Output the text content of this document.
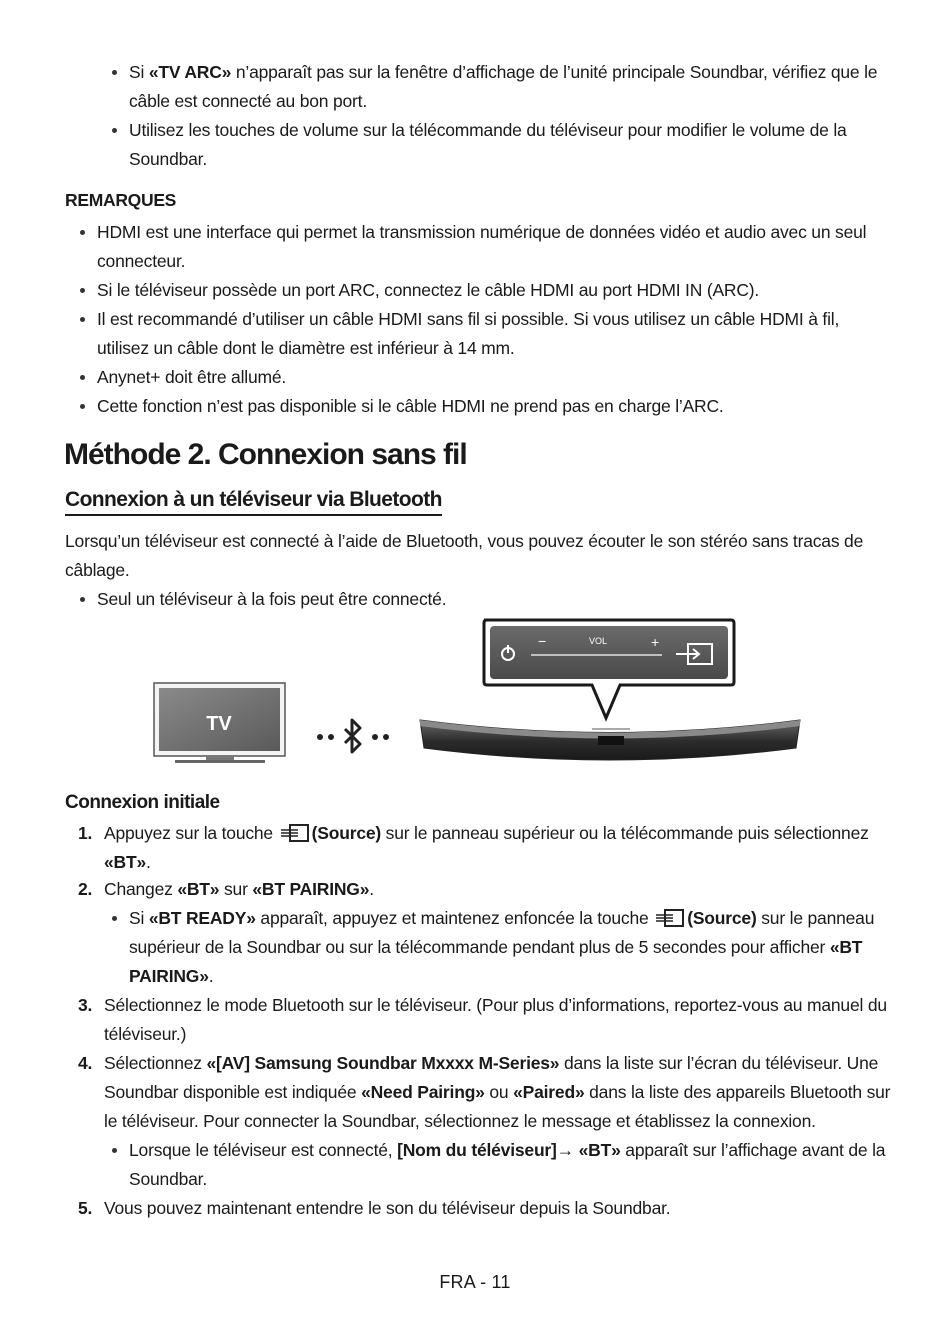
Si «TV ARC» n’apparaît pas sur la fenêtre d’affichage de l’unité principale Soundbar, vérifiez que le câble est connecté au bon port.
Utilisez les touches de volume sur la télécommande du téléviseur pour modifier le volume de la Soundbar.
REMARQUES
HDMI est une interface qui permet la transmission numérique de données vidéo et audio avec un seul connecteur.
Si le téléviseur possède un port ARC, connectez le câble HDMI au port HDMI IN (ARC).
Il est recommandé d’utiliser un câble HDMI sans fil si possible. Si vous utilisez un câble HDMI à fil, utilisez un câble dont le diamètre est inférieur à 14 mm.
Anynet+ doit être allumé.
Cette fonction n’est pas disponible si le câble HDMI ne prend pas en charge l’ARC.
Méthode 2. Connexion sans fil
Connexion à un téléviseur via Bluetooth
Lorsqu’un téléviseur est connecté à l’aide de Bluetooth, vous pouvez écouter le son stéréo sans tracas de câblage.
Seul un téléviseur à la fois peut être connecté.
TV
−	VOL	+
Connexion initiale
1. Appuyez sur la touche (Source) sur le panneau supérieur ou la télécommande puis sélectionnez «BT».
2. Changez «BT» sur «BT PAIRING».
Si «BT READY» apparaît, appuyez et maintenez enfoncée la touche (Source) sur le panneau supérieur de la Soundbar ou sur la télécommande pendant plus de 5 secondes pour afficher «BT PAIRING».
3. Sélectionnez le mode Bluetooth sur le téléviseur. (Pour plus d’informations, reportez-vous au manuel du téléviseur.)
4. Sélectionnez «[AV] Samsung Soundbar Mxxxx M-Series» dans la liste sur l’écran du téléviseur. Une Soundbar disponible est indiquée «Need Pairing» ou «Paired» dans la liste des appareils Bluetooth sur le téléviseur. Pour connecter la Soundbar, sélectionnez le message et établissez la connexion.
Lorsque le téléviseur est connecté, [Nom du téléviseur]→ «BT» apparaît sur l’affichage avant de la Soundbar.
5. Vous pouvez maintenant entendre le son du téléviseur depuis la Soundbar.
FRA - 11
